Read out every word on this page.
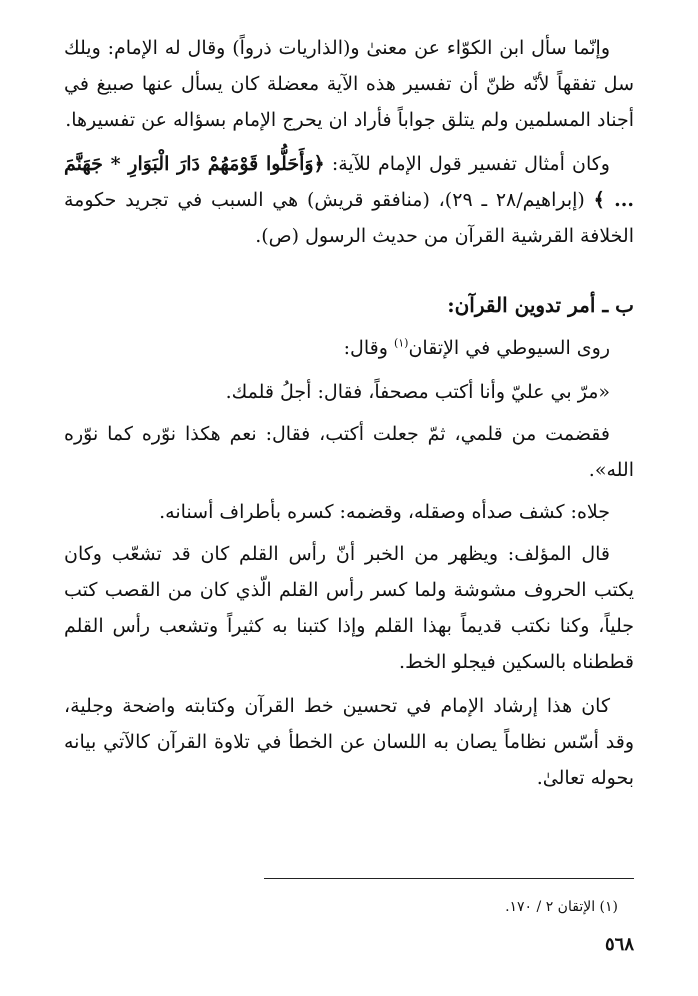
وإنّما سأل ابن الكوّاء عن معنىٰ و(الذاريات ذرواً) وقال له الإمام: ويلك سل تفقهاً لأنّه ظنّ أن تفسير هذه الآية معضلة كان يسأل عنها صبيغ في أجناد المسلمين ولم يتلق جواباً فأراد ان يحرج الإمام بسؤاله عن تفسيرها.

وكان أمثال تفسير قول الإمام للآية: ﴿وَأَحَلُّوا قَوْمَهُمْ دَارَ الْبَوَارِ * جَهَنَّمَ ... ﴾ (إبراهيم/٢٨ ـ ٢٩)، (منافقو قريش) هي السبب في تجريد حكومة الخلافة القرشية القرآن من حديث الرسول (ص).

ب ـ أمر تدوين القرآن:

روى السيوطي في الإتقان$^{(١)}$ وقال:

«مرّ بي عليّ وأنا أكتب مصحفاً، فقال: أجلُ قلمك.

فقضمت من قلمي، ثمّ جعلت أكتب، فقال: نعم هكذا نوّره كما نوّره الله».

جلاه: كشف صدأه وصقله، وقضمه: كسره بأطراف أسنانه.

قال المؤلف: ويظهر من الخبر أنّ رأس القلم كان قد تشعّب وكان يكتب الحروف مشوشة ولما كسر رأس القلم الّذي كان من القصب كتب جلياً، وكنا نكتب قديماً بهذا القلم وإذا كتبنا به كثيراً وتشعب رأس القلم قططناه بالسكين فيجلو الخط.

كان هذا إرشاد الإمام في تحسين خط القرآن وكتابته واضحة وجلية، وقد أسّس نظاماً يصان به اللسان عن الخطأ في تلاوة القرآن كالآتي بيانه بحوله تعالىٰ.

(١) الإتقان ٢ / ١٧٠.
٥٦٨
